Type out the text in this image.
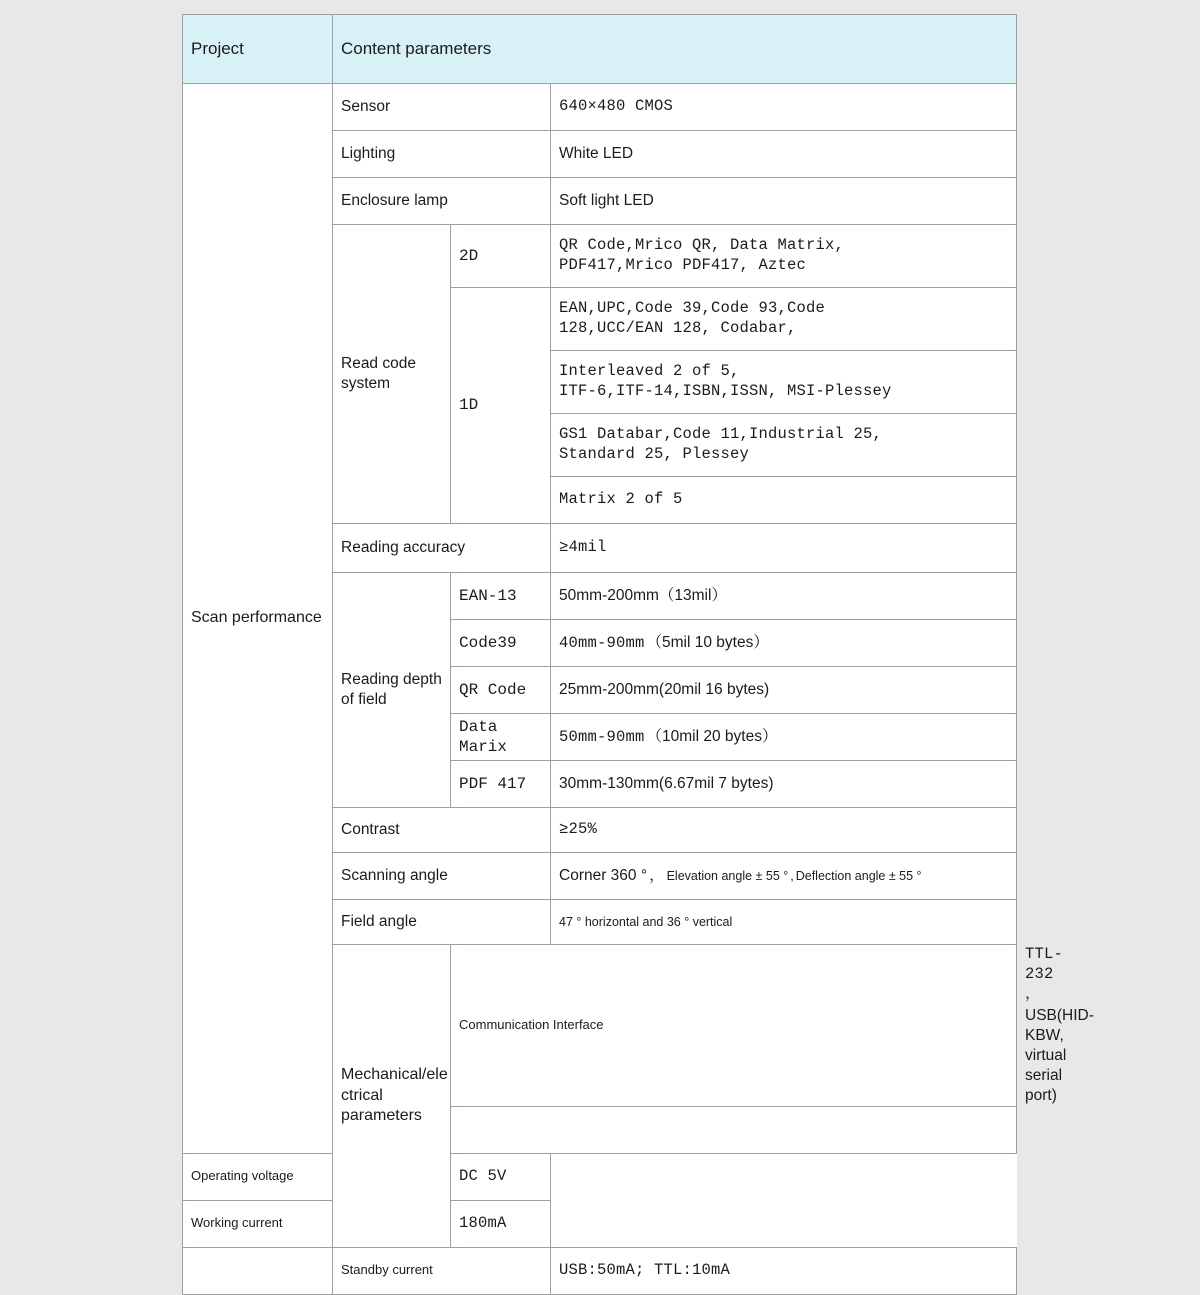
Project	Content parameters			
Scan performance	Sensor		640×480 CMOS	
	Lighting		White LED	
	Enclosure lamp		Soft light LED	
	Read code system	2D	QR Code,Mrico QR, Data Matrix,
PDF417,Mrico PDF417, Aztec	

		1D	EAN,UPC,Code 39,Code 93,Code
128,UCC/EAN 128, Codabar,	

			Interleaved 2 of 5,
ITF-6,ITF-14,ISBN,ISSN, MSI-Plessey	

			GS1 Databar,Code 11,Industrial 25,
Standard 25, Plessey	

			Matrix 2 of 5	
	Reading accuracy		≥4mil	
	Reading depth of field	EAN-13	50mm-200mm（13mil）	
		Code39	40mm-90mm （5mil 10 bytes）	

		QR Code	25mm-200mm(20mil 16 bytes)	
		Data Marix	50mm-90mm （10mil 20 bytes）	

		PDF 417	30mm-130mm(6.67mil 7 bytes)	
	Contrast		≥25%	
	Scanning angle		Corner 360 ° ， Elevation angle ± 55 ° , Deflection angle ± 55 °	

	Field angle		47 ° horizontal and 36 ° vertical	
	Mechanical/ele ctrical parameters	Communication Interface		TTL-232 ，
USB(HID-KBW, virtual serial port)

Operating voltage		DC 5V		
Working current		180mA		
	Standby current		USB:50mA; TTL:10mA	
